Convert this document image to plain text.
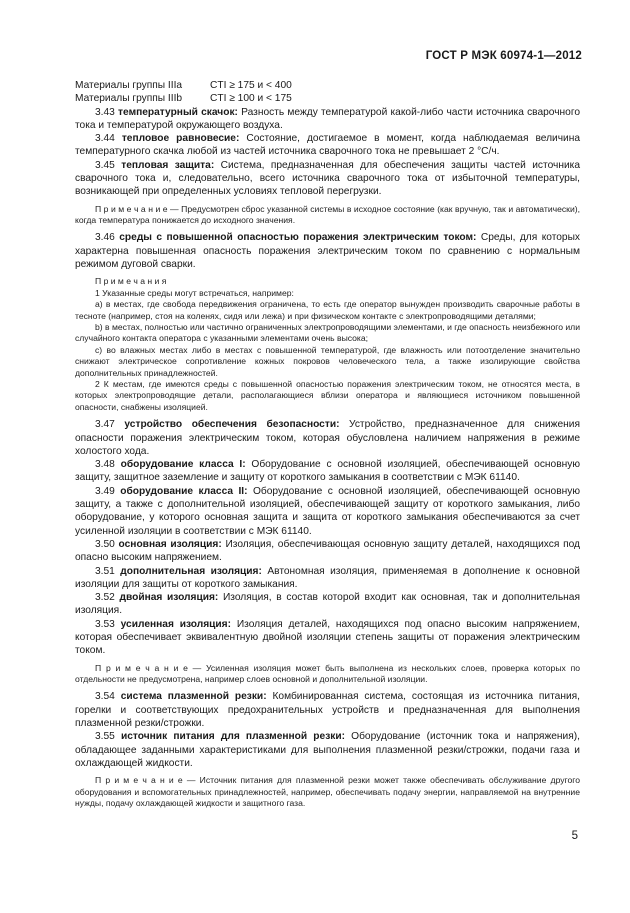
ГОСТ Р МЭК 60974-1—2012
Материалы группы IIIa	CTI ≥ 175 и < 400
Материалы группы IIIb	CTI ≥ 100 и < 175

3.43 температурный скачок: Разность между температурой какой-либо части источника сварочного тока и температурой окружающего воздуха.

3.44 тепловое равновесие: Состояние, достигаемое в момент, когда наблюдаемая величина температурного скачка любой из частей источника сварочного тока не превышает 2 °С/ч.

3.45 тепловая защита: Система, предназначенная для обеспечения защиты частей источника сварочного тока и, следовательно, всего источника сварочного тока от избыточной температуры, возникающей при определенных условиях тепловой перегрузки.

П р и м е ч а н и е — Предусмотрен сброс указанной системы в исходное состояние (как вручную, так и автоматически), когда температура понижается до исходного значения.

3.46 среды с повышенной опасностью поражения электрическим током: Среды, для которых характерна повышенная опасность поражения электрическим током по сравнению с нормальным режимом дуговой сварки.

П р и м е ч а н и я

1 Указанные среды могут встречаться, например:

а) в местах, где свобода передвижения ограничена, то есть где оператор вынужден производить сварочные работы в тесноте (например, стоя на коленях, сидя или лежа) и при физическом контакте с электропроводящими деталями;

b) в местах, полностью или частично ограниченных электропроводящими элементами, и где опасность неизбежного или случайного контакта оператора с указанными элементами очень высока;

с) во влажных местах либо в местах с повышенной температурой, где влажность или потоотделение значительно снижают электрическое сопротивление кожных покровов человеческого тела, а также изолирующие свойства дополнительных принадлежностей.

2 К местам, где имеются среды с повышенной опасностью поражения электрическим током, не относятся места, в которых электропроводящие детали, располагающиеся вблизи оператора и являющиеся источником повышенной опасности, снабжены изоляцией.

3.47 устройство обеспечения безопасности: Устройство, предназначенное для снижения опасности поражения электрическим током, которая обусловлена наличием напряжения в режиме холостого хода.

3.48 оборудование класса I: Оборудование с основной изоляцией, обеспечивающей основную защиту, защитное заземление и защиту от короткого замыкания в соответствии с МЭК 61140.

3.49 оборудование класса II: Оборудование с основной изоляцией, обеспечивающей основную защиту, а также с дополнительной изоляцией, обеспечивающей защиту от короткого замыкания, либо оборудование, у которого основная защита и защита от короткого замыкания обеспечиваются за счет усиленной изоляции в соответствии с МЭК 61140.

3.50 основная изоляция: Изоляция, обеспечивающая основную защиту деталей, находящихся под опасно высоким напряжением.

3.51 дополнительная изоляция: Автономная изоляция, применяемая в дополнение к основной изоляции для защиты от короткого замыкания.

3.52 двойная изоляция: Изоляция, в состав которой входит как основная, так и дополнительная изоляция.

3.53 усиленная изоляция: Изоляция деталей, находящихся под опасно высоким напряжением, которая обеспечивает эквивалентную двойной изоляции степень защиты от поражения электрическим током.

П р и м е ч а н и е — Усиленная изоляция может быть выполнена из нескольких слоев, проверка которых по отдельности не предусмотрена, например слоев основной и дополнительной изоляции.

3.54 система плазменной резки: Комбинированная система, состоящая из источника питания, горелки и соответствующих предохранительных устройств и предназначенная для выполнения плазменной резки/строжки.

3.55 источник питания для плазменной резки: Оборудование (источник тока и напряжения), обладающее заданными характеристиками для выполнения плазменной резки/строжки, подачи газа и охлаждающей жидкости.

П р и м е ч а н и е — Источник питания для плазменной резки может также обеспечивать обслуживание другого оборудования и вспомогательных принадлежностей, например, обеспечивать подачу энергии, направляемой на внутренние нужды, подачу охлаждающей жидкости и защитного газа.

5
